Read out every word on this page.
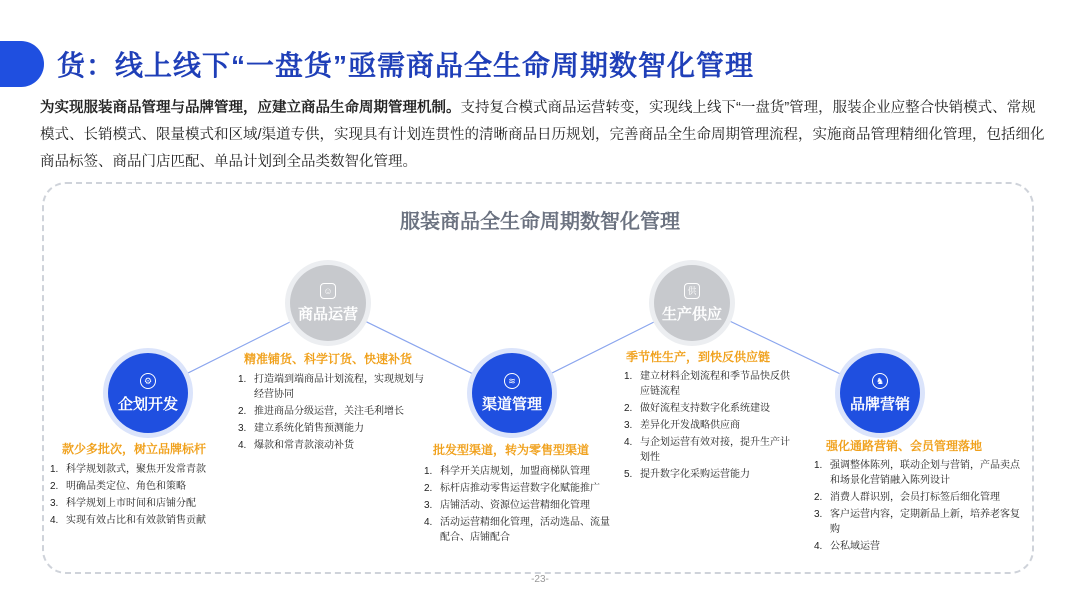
货：线上线下“一盘货”亟需商品全生命周期数智化管理
为实现服装商品管理与品牌管理，应建立商品生命周期管理机制。支持复合模式商品运营转变，实现线上线下“一盘货”管理，服装企业应整合快销模式、常规模式、长销模式、限量模式和区域/渠道专供，实现具有计划连贯性的清晰商品日历规划，完善商品全生命周期管理流程，实施商品管理精细化管理，包括细化商品标签、商品门店匹配、单品计划到全品类数智化管理。
服装商品全生命周期数智化管理
⚙
企划开发
款少多批次，树立品牌标杆
1. 科学规划款式，聚焦开发常青款
2. 明确品类定位、角色和策略
3. 科学规划上市时间和店铺分配
4. 实现有效占比和有效款销售贡献
☺
商品运营
精准铺货、科学订货、快速补货
1. 打造端到端商品计划流程，实现规划与经营协同
2. 推进商品分级运营，关注毛利增长
3. 建立系统化销售预测能力
4. 爆款和常青款滚动补货
≋
渠道管理
批发型渠道，转为零售型渠道
1. 科学开关店规划，加盟商梯队管理
2. 标杆店推动零售运营数字化赋能推广
3. 店铺活动、资源位运营精细化管理
4. 活动运营精细化管理，活动选品、流量配合、店铺配合
供
生产供应
季节性生产，到快反供应链
1. 建立材料企划流程和季节品快反供应链流程
2. 做好流程支持数字化系统建设
3. 差异化开发战略供应商
4. 与企划运营有效对接，提升生产计划性
5. 提升数字化采购运营能力
♞
品牌营销
强化通路营销、会员管理落地
1. 强调整体陈列，联动企划与营销，产品卖点和场景化营销融入陈列设计
2. 消费人群识别，会员打标签后细化管理
3. 客户运营内容，定期新品上新，培养老客复购
4. 公私域运营
-23-
